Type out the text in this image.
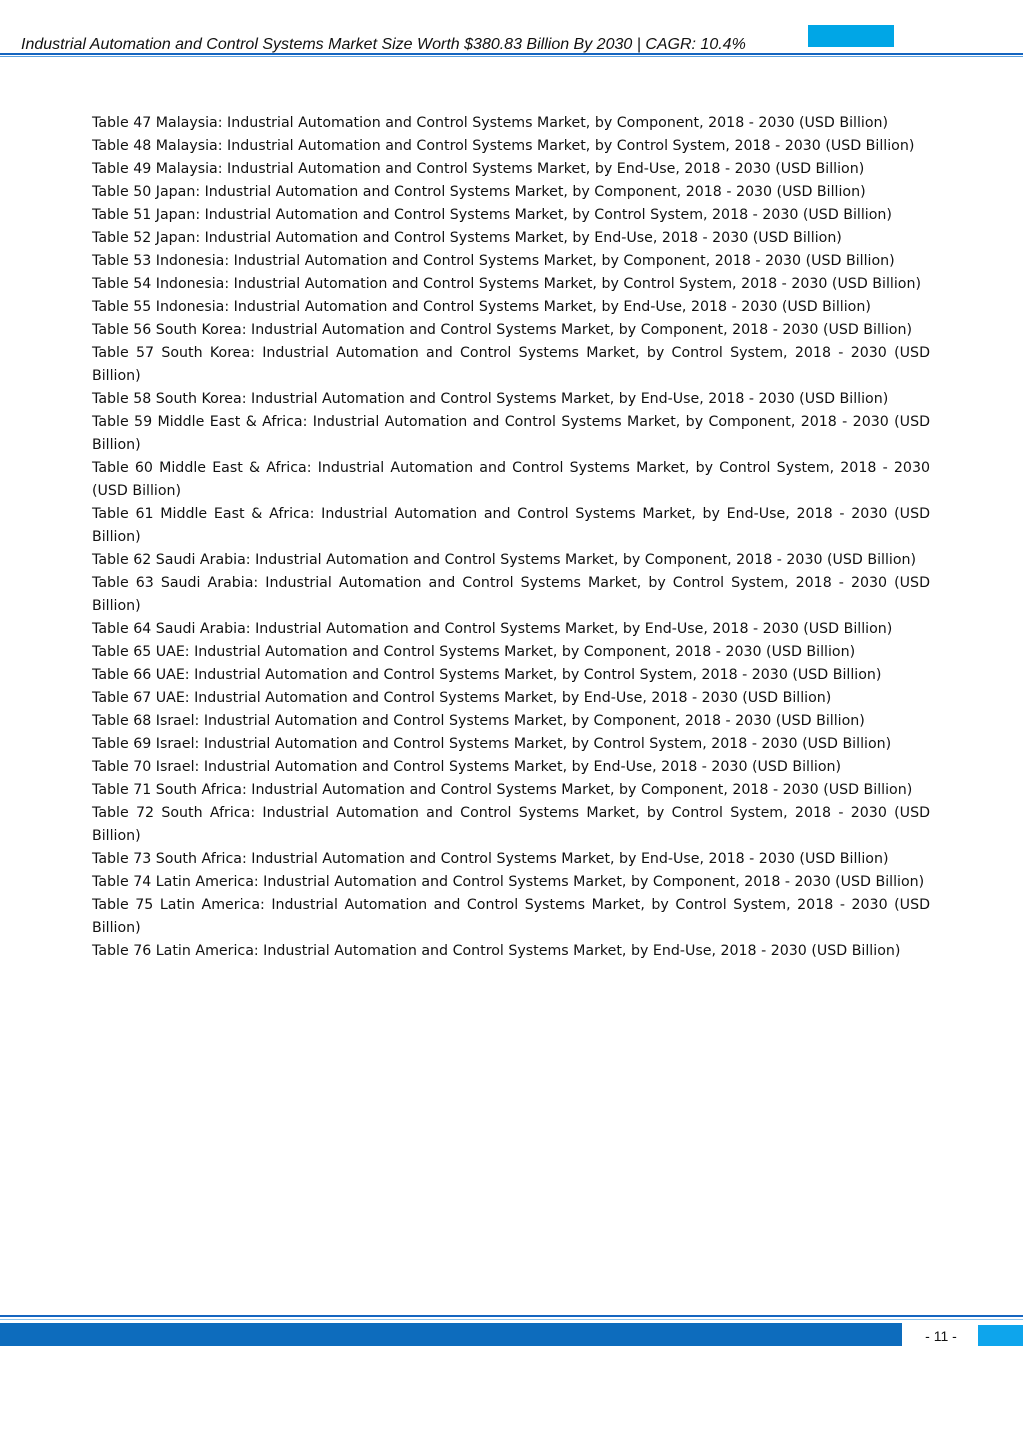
Industrial Automation and Control Systems Market Size Worth $380.83 Billion By 2030 | CAGR: 10.4%

Table 47 Malaysia: Industrial Automation and Control Systems Market, by Component, 2018 - 2030 (USD Billion)

Table 48 Malaysia: Industrial Automation and Control Systems Market, by Control System, 2018 - 2030 (USD Billion)

Table 49 Malaysia: Industrial Automation and Control Systems Market, by End-Use, 2018 - 2030 (USD Billion)

Table 50 Japan: Industrial Automation and Control Systems Market, by Component, 2018 - 2030 (USD Billion)

Table 51 Japan: Industrial Automation and Control Systems Market, by Control System, 2018 - 2030 (USD Billion)

Table 52 Japan: Industrial Automation and Control Systems Market, by End-Use, 2018 - 2030 (USD Billion)

Table 53 Indonesia: Industrial Automation and Control Systems Market, by Component, 2018 - 2030 (USD Billion)

Table 54 Indonesia: Industrial Automation and Control Systems Market, by Control System, 2018 - 2030 (USD Billion)

Table 55 Indonesia: Industrial Automation and Control Systems Market, by End-Use, 2018 - 2030 (USD Billion)

Table 56 South Korea: Industrial Automation and Control Systems Market, by Component, 2018 - 2030 (USD Billion)

Table 57 South Korea: Industrial Automation and Control Systems Market, by Control System, 2018 - 2030 (USD Billion)

Table 58 South Korea: Industrial Automation and Control Systems Market, by End-Use, 2018 - 2030 (USD Billion)

Table 59 Middle East & Africa: Industrial Automation and Control Systems Market, by Component, 2018 - 2030 (USD Billion)

Table 60 Middle East & Africa: Industrial Automation and Control Systems Market, by Control System, 2018 - 2030 (USD Billion)

Table 61 Middle East & Africa: Industrial Automation and Control Systems Market, by End-Use, 2018 - 2030 (USD Billion)

Table 62 Saudi Arabia: Industrial Automation and Control Systems Market, by Component, 2018 - 2030 (USD Billion)

Table 63 Saudi Arabia: Industrial Automation and Control Systems Market, by Control System, 2018 - 2030 (USD Billion)

Table 64 Saudi Arabia: Industrial Automation and Control Systems Market, by End-Use, 2018 - 2030 (USD Billion)

Table 65 UAE: Industrial Automation and Control Systems Market, by Component, 2018 - 2030 (USD Billion)

Table 66 UAE: Industrial Automation and Control Systems Market, by Control System, 2018 - 2030 (USD Billion)

Table 67 UAE: Industrial Automation and Control Systems Market, by End-Use, 2018 - 2030 (USD Billion)

Table 68 Israel: Industrial Automation and Control Systems Market, by Component, 2018 - 2030 (USD Billion)

Table 69 Israel: Industrial Automation and Control Systems Market, by Control System, 2018 - 2030 (USD Billion)

Table 70 Israel: Industrial Automation and Control Systems Market, by End-Use, 2018 - 2030 (USD Billion)

Table 71 South Africa: Industrial Automation and Control Systems Market, by Component, 2018 - 2030 (USD Billion)

Table 72 South Africa: Industrial Automation and Control Systems Market, by Control System, 2018 - 2030 (USD Billion)

Table 73 South Africa: Industrial Automation and Control Systems Market, by End-Use, 2018 - 2030 (USD Billion)

Table 74 Latin America: Industrial Automation and Control Systems Market, by Component, 2018 - 2030 (USD Billion)

Table 75 Latin America: Industrial Automation and Control Systems Market, by Control System, 2018 - 2030 (USD Billion)

Table 76 Latin America: Industrial Automation and Control Systems Market, by End-Use, 2018 - 2030 (USD Billion)

- 11 -
